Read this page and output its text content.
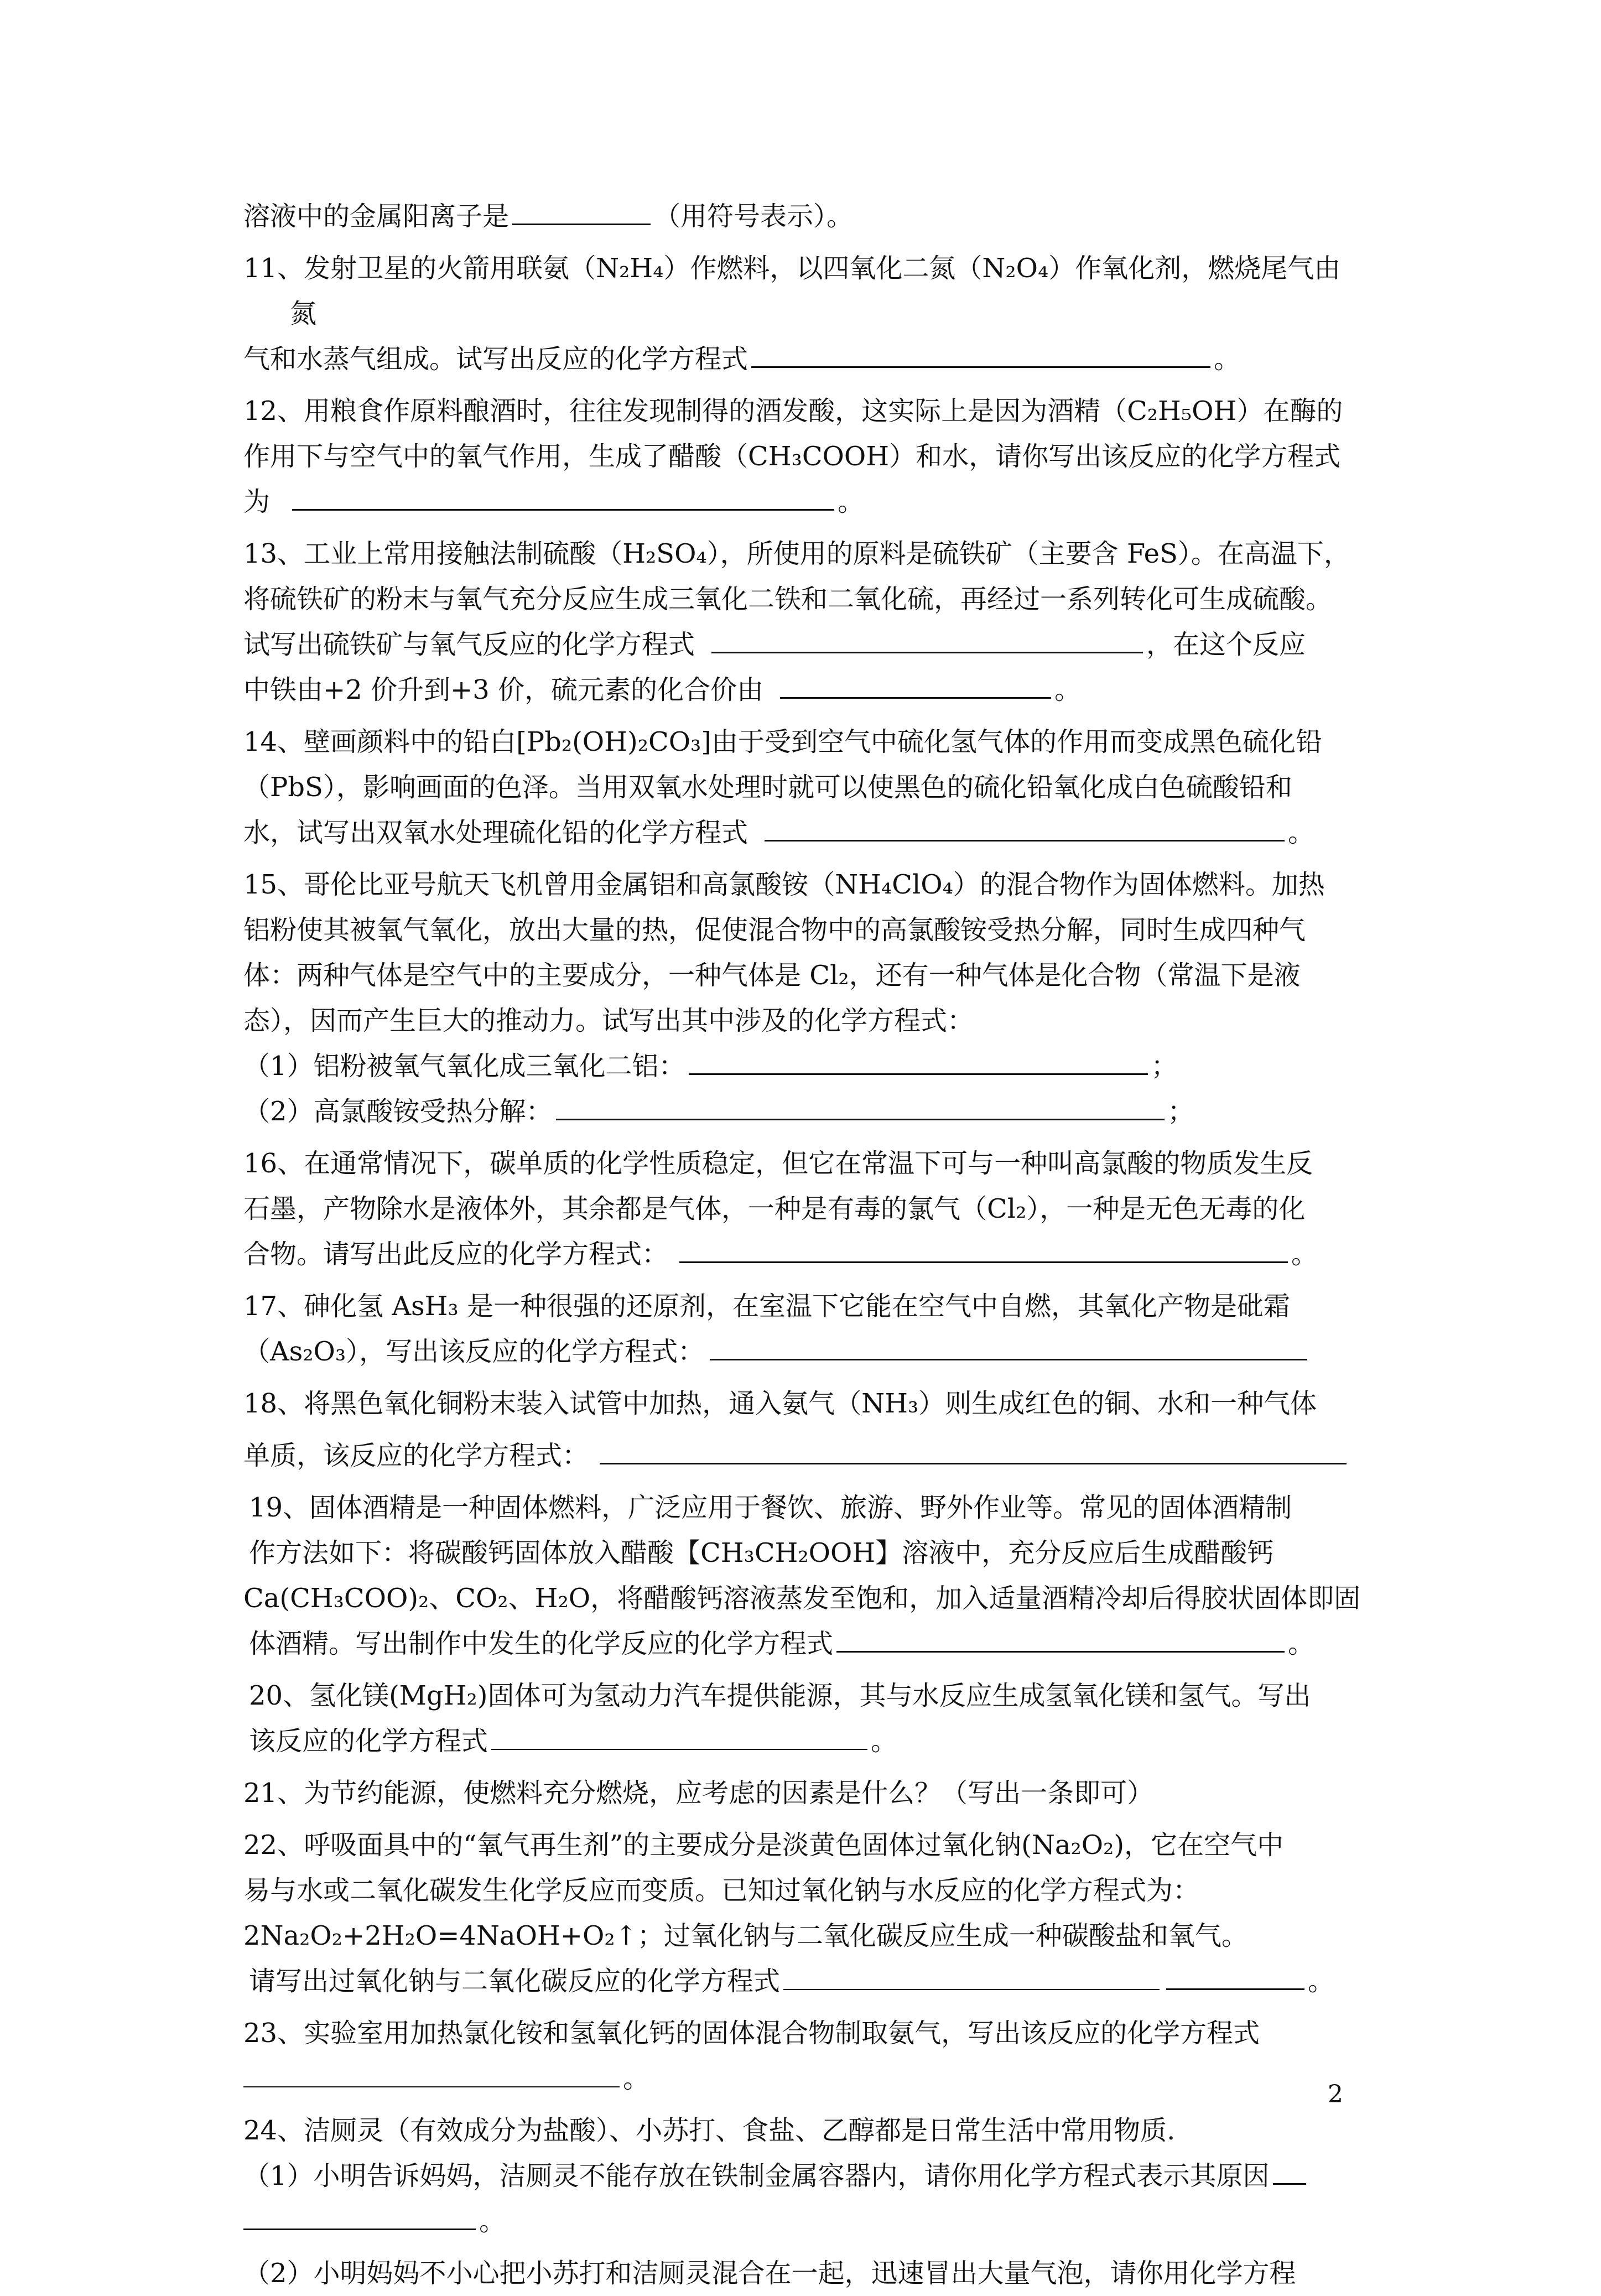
溶液中的金属阳离子是	（用符号表示）。
11、发射卫星的火箭用联氨（N₂H₄）作燃料，以四氧化二氮（N₂O₄）作氧化剂，燃烧尾气由
氮
气和水蒸气组成。试写出反应的化学方程式	。
12、用粮食作原料酿酒时，往往发现制得的酒发酸，这实际上是因为酒精（C₂H₅OH）在酶的
作用下与空气中的氧气作用，生成了醋酸（CH₃COOH）和水，请你写出该反应的化学方程式
为	。
13、工业上常用接触法制硫酸（H₂SO₄），所使用的原料是硫铁矿（主要含 FeS）。在高温下，
将硫铁矿的粉末与氧气充分反应生成三氧化二铁和二氧化硫，再经过一系列转化可生成硫酸。
试写出硫铁矿与氧气反应的化学方程式	，在这个反应
中铁由+2 价升到+3 价，硫元素的化合价由	。
14、壁画颜料中的铅白[Pb₂(OH)₂CO₃]由于受到空气中硫化氢气体的作用而变成黑色硫化铅
（PbS），影响画面的色泽。当用双氧水处理时就可以使黑色的硫化铅氧化成白色硫酸铅和
水，试写出双氧水处理硫化铅的化学方程式	。
15、哥伦比亚号航天飞机曾用金属铝和高氯酸铵（NH₄ClO₄）的混合物作为固体燃料。加热
铝粉使其被氧气氧化，放出大量的热，促使混合物中的高氯酸铵受热分解，同时生成四种气
体：两种气体是空气中的主要成分，一种气体是 Cl₂，还有一种气体是化合物（常温下是液
态），因而产生巨大的推动力。试写出其中涉及的化学方程式：
（1）铝粉被氧气氧化成三氧化二铝：	；
（2）高氯酸铵受热分解：	；
16、在通常情况下，碳单质的化学性质稳定，但它在常温下可与一种叫高氯酸的物质发生反
石墨，产物除水是液体外，其余都是气体，一种是有毒的氯气（Cl₂），一种是无色无毒的化
合物。请写出此反应的化学方程式：	。
17、砷化氢 AsH₃ 是一种很强的还原剂，在室温下它能在空气中自燃，其氧化产物是砒霜
（As₂O₃），写出该反应的化学方程式：
18、将黑色氧化铜粉末装入试管中加热，通入氨气（NH₃）则生成红色的铜、水和一种气体
单质，该反应的化学方程式：
19、固体酒精是一种固体燃料，广泛应用于餐饮、旅游、野外作业等。常见的固体酒精制
作方法如下：将碳酸钙固体放入醋酸【CH₃CH₂OOH】溶液中，充分反应后生成醋酸钙
Ca(CH₃COO)₂、CO₂、H₂O，将醋酸钙溶液蒸发至饱和，加入适量酒精冷却后得胶状固体即固
体酒精。写出制作中发生的化学反应的化学方程式	。
20、氢化镁(MgH₂)固体可为氢动力汽车提供能源，其与水反应生成氢氧化镁和氢气。写出
该反应的化学方程式	。
21、为节约能源，使燃料充分燃烧，应考虑的因素是什么？（写出一条即可）
22、呼吸面具中的“氧气再生剂”的主要成分是淡黄色固体过氧化钠(Na₂O₂)，它在空气中
易与水或二氧化碳发生化学反应而变质。已知过氧化钠与水反应的化学方程式为：
2Na₂O₂+2H₂O=4NaOH+O₂↑；过氧化钠与二氧化碳反应生成一种碳酸盐和氧气。
请写出过氧化钠与二氧化碳反应的化学方程式	。
23、实验室用加热氯化铵和氢氧化钙的固体混合物制取氨气，写出该反应的化学方程式
。
24、洁厕灵（有效成分为盐酸）、小苏打、食盐、乙醇都是日常生活中常用物质.
（1）小明告诉妈妈，洁厕灵不能存放在铁制金属容器内，请你用化学方程式表示其原因
。
（2）小明妈妈不小心把小苏打和洁厕灵混合在一起，迅速冒出大量气泡，请你用化学方程
2
